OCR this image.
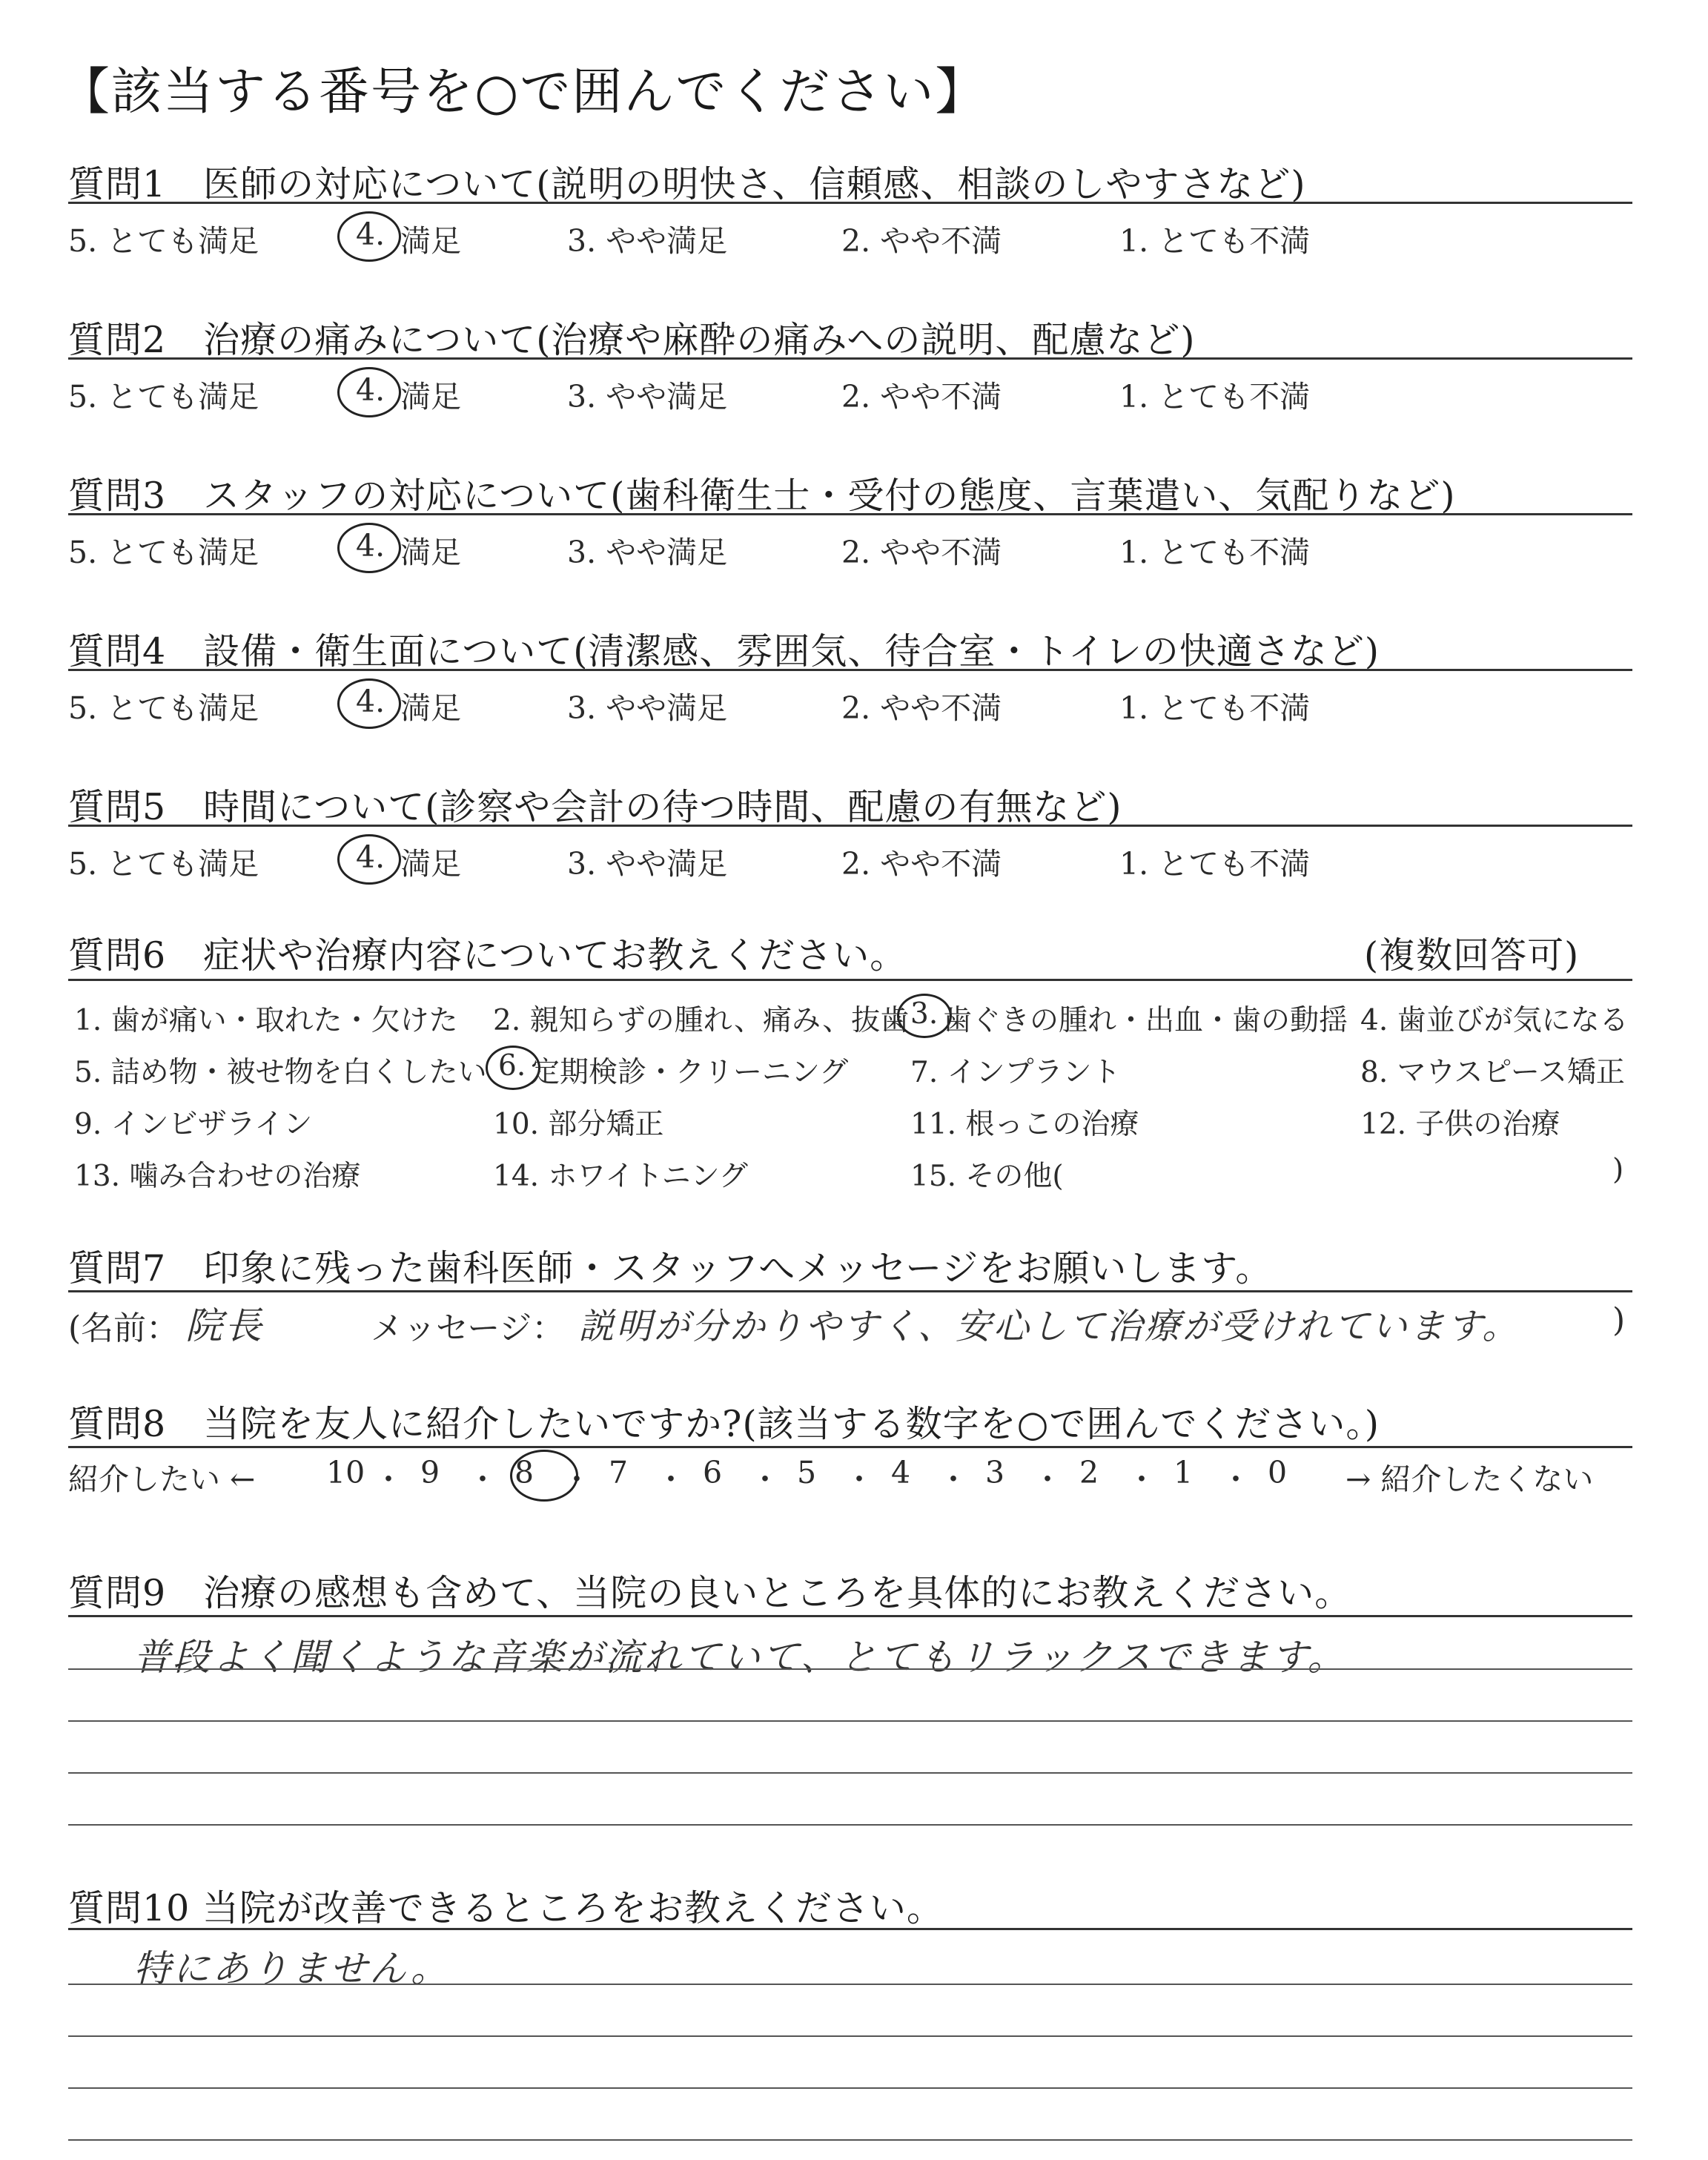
【該当する番号を○で囲んでください】
質問1　医師の対応について(説明の明快さ、信頼感、相談のしやすさなど)
5. とても満足	4. 満足	3. やや満足	2. やや不満	1. とても不満
質問2　治療の痛みについて(治療や麻酔の痛みへの説明、配慮など)
5. とても満足	4. 満足	3. やや満足	2. やや不満	1. とても不満
質問3　スタッフの対応について(歯科衛生士・受付の態度、言葉遣い、気配りなど)
5. とても満足	4. 満足	3. やや満足	2. やや不満	1. とても不満
質問4　設備・衛生面について(清潔感、雰囲気、待合室・トイレの快適さなど)
5. とても満足	4. 満足	3. やや満足	2. やや不満	1. とても不満
質問5　時間について(診察や会計の待つ時間、配慮の有無など)
5. とても満足	4. 満足	3. やや満足	2. やや不満	1. とても不満
質問6　症状や治療内容についてお教えください。	(複数回答可)
1. 歯が痛い・取れた・欠けた 2. 親知らずの腫れ、痛み、抜歯 3. 歯ぐきの腫れ・出血・歯の動揺 4. 歯並びが気になる
5. 詰め物・被せ物を白くしたい 6. 定期検診・クリーニング 7. インプラント	8. マウスピース矯正
9. インビザライン	10. 部分矯正	11. 根っこの治療	12. 子供の治療
13. 噛み合わせの治療	14. ホワイトニング	15. その他(	)
質問7　印象に残った歯科医師・スタッフへメッセージをお願いします。
(名前： 院長	メッセージ： 説明が分かりやすく、安心して治療が受けれています。	)
質問8　当院を友人に紹介したいですか?(該当する数字を○で囲んでください。)
紹介したい ← 10 ・ 9 ・ 8 ・ 7 ・ 6 ・ 5 ・ 4 ・ 3 ・ 2 ・ 1 ・ 0 → 紹介したくない
質問9　治療の感想も含めて、当院の良いところを具体的にお教えください。
普段よく聞くような音楽が流れていて、とてもリラックスできます。
質問10 当院が改善できるところをお教えください。
特にありません。
